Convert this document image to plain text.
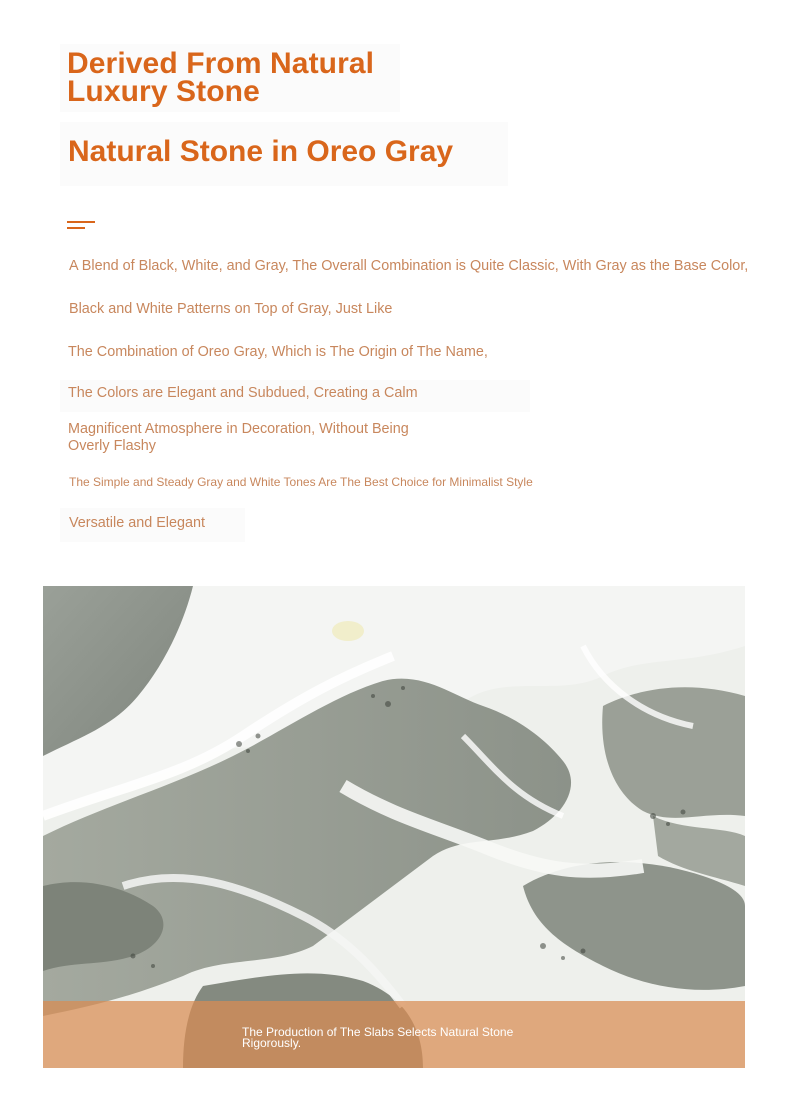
Derived From Natural Luxury Stone
Natural Stone in Oreo Gray
A Blend of Black, White, and Gray, The Overall Combination is Quite Classic, With Gray as the Base Color,
Black and White Patterns on Top of Gray, Just Like
The Combination of Oreo Gray, Which is The Origin of The Name,
The Colors are Elegant and Subdued, Creating a Calm
Magnificent Atmosphere in Decoration, Without Being Overly Flashy
The Simple and Steady Gray and White Tones Are The Best Choice for Minimalist Style
Versatile and Elegant
The Production of The Slabs Selects Natural Stone Rigorously.
